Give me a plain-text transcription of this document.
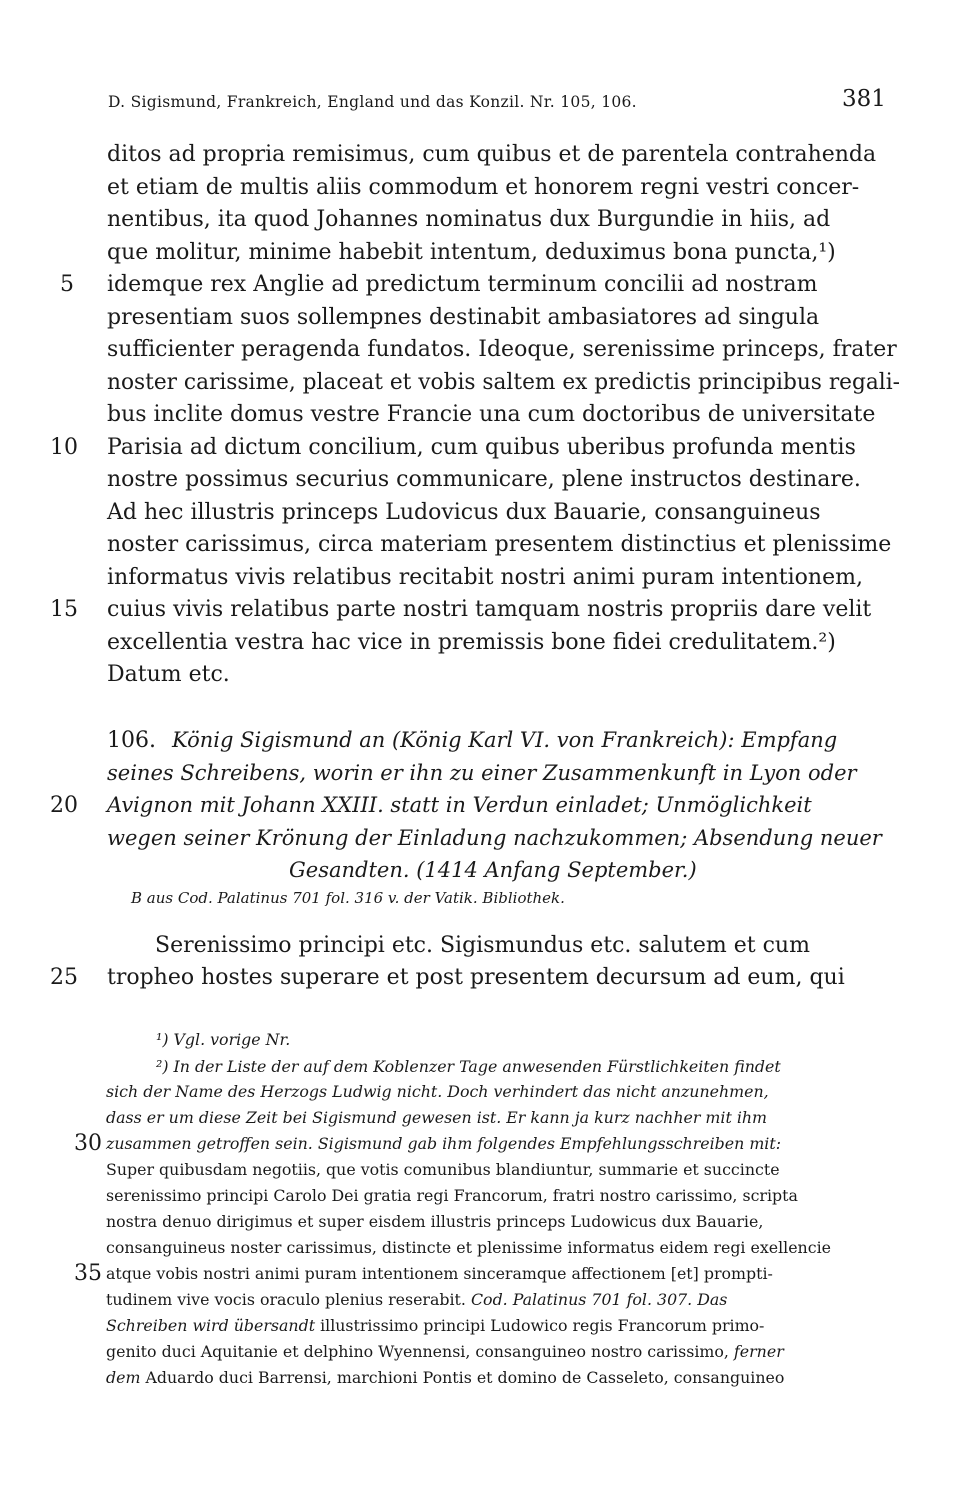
D. Sigismund, Frankreich, England und das Konzil. Nr. 105, 106.	381
ditos ad propria remisimus, cum quibus et de parentela contrahenda
et etiam de multis aliis commodum et honorem regni vestri concer-
nentibus, ita quod Johannes nominatus dux Burgundie in hiis, ad
que molitur, minime habebit intentum, deduximus bona puncta,¹)
5 idemque rex Anglie ad predictum terminum concilii ad nostram
presentiam suos sollempnes destinabit ambasiatores ad singula
sufficienter peragenda fundatos. Ideoque, serenissime princeps, frater
noster carissime, placeat et vobis saltem ex predictis principibus regali-
bus inclite domus vestre Francie una cum doctoribus de universitate
10 Parisia ad dictum concilium, cum quibus uberibus profunda mentis
nostre possimus securius communicare, plene instructos destinare.
Ad hec illustris princeps Ludovicus dux Bauarie, consanguineus
noster carissimus, circa materiam presentem distinctius et plenissime
informatus vivis relatibus recitabit nostri animi puram intentionem,
15 cuius vivis relatibus parte nostri tamquam nostris propriis dare velit
excellentia vestra hac vice in premissis bone fidei credulitatem.²)
Datum etc.
106. König Sigismund an (König Karl VI. von Frankreich): Empfang
seines Schreibens, worin er ihn zu einer Zusammenkunft in Lyon oder
20 Avignon mit Johann XXIII. statt in Verdun einladet; Unmöglichkeit
wegen seiner Krönung der Einladung nachzukommen; Absendung neuer
Gesandten. (1414 Anfang September.)
B aus Cod. Palatinus 701 fol. 316 v. der Vatik. Bibliothek.
Serenissimo principi etc. Sigismundus etc. salutem et cum
25 tropheo hostes superare et post presentem decursum ad eum, qui
¹) Vgl. vorige Nr.
²) In der Liste der auf dem Koblenzer Tage anwesenden Fürstlichkeiten findet
sich der Name des Herzogs Ludwig nicht. Doch verhindert das nicht anzunehmen,
dass er um diese Zeit bei Sigismund gewesen ist. Er kann ja kurz nachher mit ihm
30 zusammen getroffen sein. Sigismund gab ihm folgendes Empfehlungsschreiben mit:
Super quibusdam negotiis, que votis comunibus blandiuntur, summarie et succincte
serenissimo principi Carolo Dei gratia regi Francorum, fratri nostro carissimo, scripta
nostra denuo dirigimus et super eisdem illustris princeps Ludowicus dux Bauarie,
consanguineus noster carissimus, distincte et plenissime informatus eidem regi exellencie
35 atque vobis nostri animi puram intentionem sinceramque affectionem [et] prompti-
tudinem vive vocis oraculo plenius reserabit. Cod. Palatinus 701 fol. 307. Das
Schreiben wird übersandt illustrissimo principi Ludowico regis Francorum primo-
genito duci Aquitanie et delphino Wyennensi, consanguineo nostro carissimo, ferner
dem Aduardo duci Barrensi, marchioni Pontis et domino de Casseleto, consanguineo
